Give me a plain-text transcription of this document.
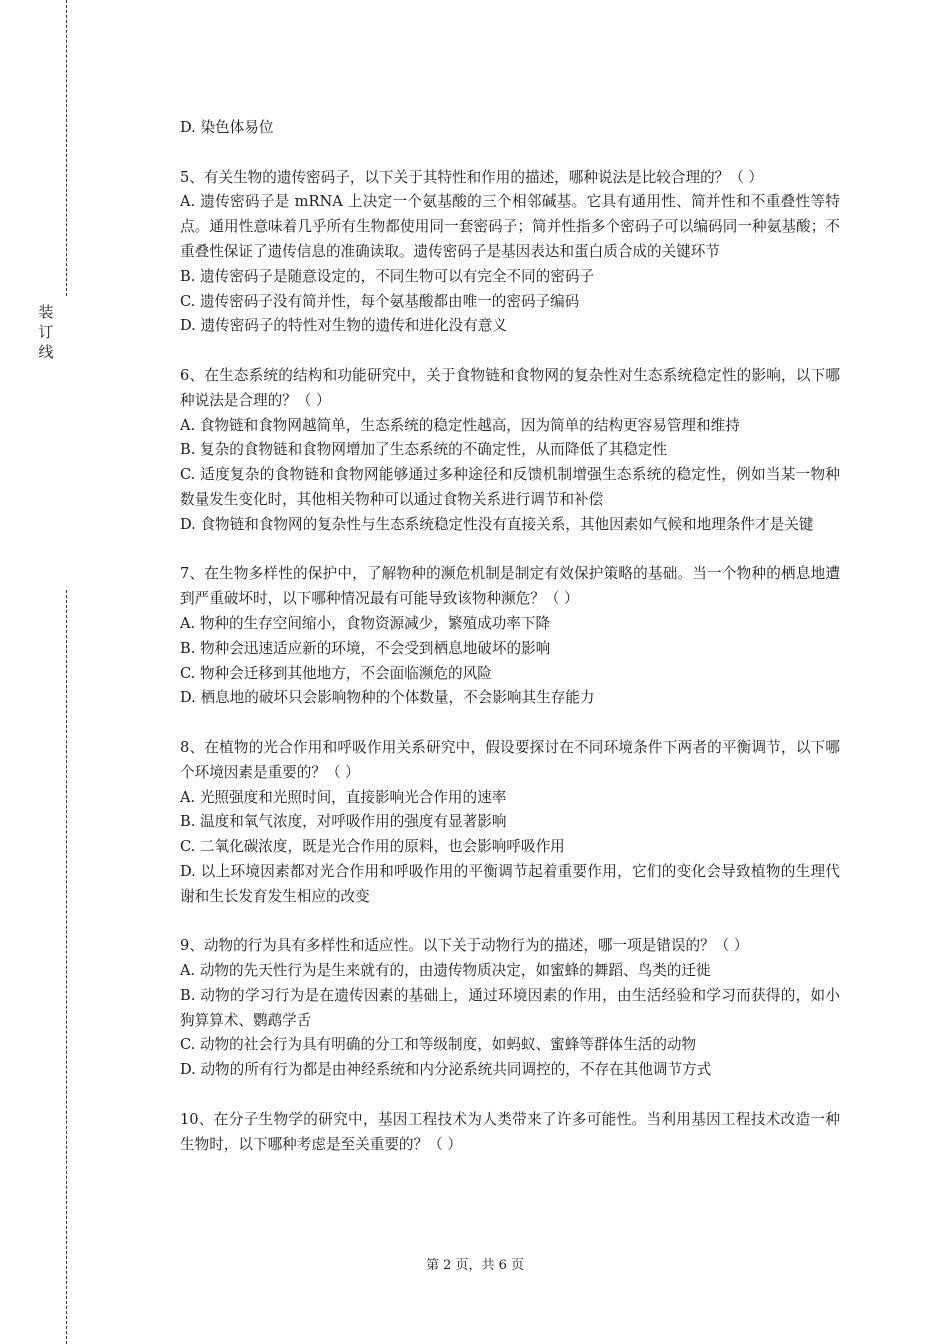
装订线

D. 染色体易位

5、有关生物的遗传密码子，以下关于其特性和作用的描述，哪种说法是比较合理的？（ ）

A. 遗传密码子是 mRNA 上决定一个氨基酸的三个相邻碱基。它具有通用性、简并性和不重叠性等特点。通用性意味着几乎所有生物都使用同一套密码子；简并性指多个密码子可以编码同一种氨基酸；不重叠性保证了遗传信息的准确读取。遗传密码子是基因表达和蛋白质合成的关键环节

B. 遗传密码子是随意设定的，不同生物可以有完全不同的密码子

C. 遗传密码子没有简并性，每个氨基酸都由唯一的密码子编码

D. 遗传密码子的特性对生物的遗传和进化没有意义

6、在生态系统的结构和功能研究中，关于食物链和食物网的复杂性对生态系统稳定性的影响，以下哪种说法是合理的？（ ）

A. 食物链和食物网越简单，生态系统的稳定性越高，因为简单的结构更容易管理和维持

B. 复杂的食物链和食物网增加了生态系统的不确定性，从而降低了其稳定性

C. 适度复杂的食物链和食物网能够通过多种途径和反馈机制增强生态系统的稳定性，例如当某一物种数量发生变化时，其他相关物种可以通过食物关系进行调节和补偿

D. 食物链和食物网的复杂性与生态系统稳定性没有直接关系，其他因素如气候和地理条件才是关键

7、在生物多样性的保护中，了解物种的濒危机制是制定有效保护策略的基础。当一个物种的栖息地遭到严重破坏时，以下哪种情况最有可能导致该物种濒危？（ ）

A. 物种的生存空间缩小，食物资源减少，繁殖成功率下降

B. 物种会迅速适应新的环境，不会受到栖息地破坏的影响

C. 物种会迁移到其他地方，不会面临濒危的风险

D. 栖息地的破坏只会影响物种的个体数量，不会影响其生存能力

8、在植物的光合作用和呼吸作用关系研究中，假设要探讨在不同环境条件下两者的平衡调节，以下哪个环境因素是重要的？（ ）

A. 光照强度和光照时间，直接影响光合作用的速率

B. 温度和氧气浓度，对呼吸作用的强度有显著影响

C. 二氧化碳浓度，既是光合作用的原料，也会影响呼吸作用

D. 以上环境因素都对光合作用和呼吸作用的平衡调节起着重要作用，它们的变化会导致植物的生理代谢和生长发育发生相应的改变

9、动物的行为具有多样性和适应性。以下关于动物行为的描述，哪一项是错误的？（ ）

A. 动物的先天性行为是生来就有的，由遗传物质决定，如蜜蜂的舞蹈、鸟类的迁徙

B. 动物的学习行为是在遗传因素的基础上，通过环境因素的作用，由生活经验和学习而获得的，如小狗算算术、鹦鹉学舌

C. 动物的社会行为具有明确的分工和等级制度，如蚂蚁、蜜蜂等群体生活的动物

D. 动物的所有行为都是由神经系统和内分泌系统共同调控的，不存在其他调节方式

10、在分子生物学的研究中，基因工程技术为人类带来了许多可能性。当利用基因工程技术改造一种生物时，以下哪种考虑是至关重要的？（ ）

第 2 页，共 6 页
